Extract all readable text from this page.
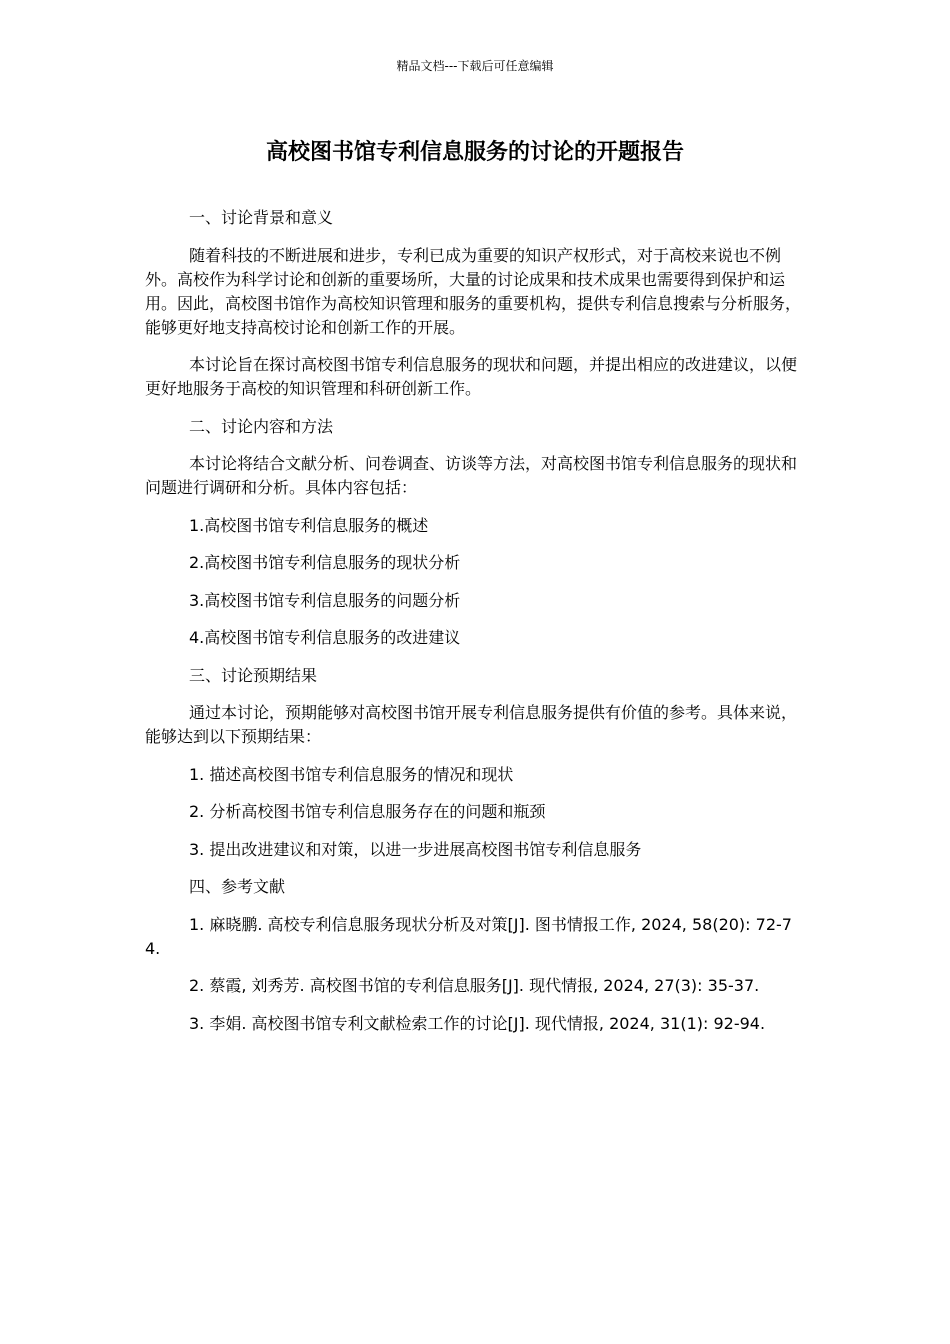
精品文档---下载后可任意编辑
高校图书馆专利信息服务的讨论的开题报告

一、讨论背景和意义

随着科技的不断进展和进步，专利已成为重要的知识产权形式，对于高校来说也不例外。高校作为科学讨论和创新的重要场所，大量的讨论成果和技术成果也需要得到保护和运用。因此，高校图书馆作为高校知识管理和服务的重要机构，提供专利信息搜索与分析服务，能够更好地支持高校讨论和创新工作的开展。

本讨论旨在探讨高校图书馆专利信息服务的现状和问题，并提出相应的改进建议，以便更好地服务于高校的知识管理和科研创新工作。

二、讨论内容和方法

本讨论将结合文献分析、问卷调查、访谈等方法，对高校图书馆专利信息服务的现状和问题进行调研和分析。具体内容包括：

1.高校图书馆专利信息服务的概述

2.高校图书馆专利信息服务的现状分析

3.高校图书馆专利信息服务的问题分析

4.高校图书馆专利信息服务的改进建议

三、讨论预期结果

通过本讨论，预期能够对高校图书馆开展专利信息服务提供有价值的参考。具体来说，能够达到以下预期结果：

1. 描述高校图书馆专利信息服务的情况和现状

2. 分析高校图书馆专利信息服务存在的问题和瓶颈

3. 提出改进建议和对策，以进一步进展高校图书馆专利信息服务

四、参考文献

1. 麻晓鹏. 高校专利信息服务现状分析及对策[J]. 图书情报工作, 2024, 58(20): 72-74.

2. 蔡霞, 刘秀芳. 高校图书馆的专利信息服务[J]. 现代情报, 2024, 27(3): 35-37.

3. 李娟. 高校图书馆专利文献检索工作的讨论[J]. 现代情报, 2024, 31(1): 92-94.
